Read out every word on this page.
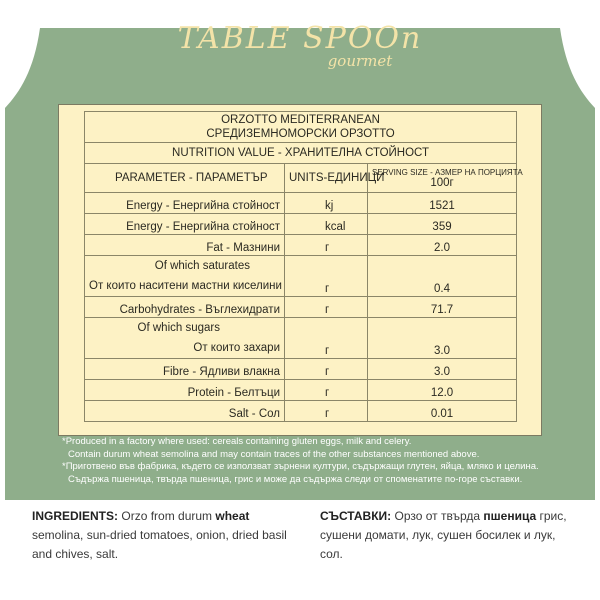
TABLE SPOOn
gourmet
ORZOTTO MEDITERRANEAN
СРЕДИЗЕМНОМОРСКИ ОРЗОТТО		

NUTRITION VALUE - ХРАНИТЕЛНА СТОЙНОСТ		
PARAMETER - ПАРАМЕТЪР	UNITS-ЕДИНИЦИ	SERVING SIZE - АЗМЕР НА ПОРЦИЯТА
100г

Energy - Енергийна стойност	kj	1521
Energy - Енергийна стойност	kcal	359
Fat - Мазнини	г	2.0

Of which saturates
От които наситени мастни киселини	г	0.4
Carbohydrates - Въглехидрати	г	71.7

Of which sugars
От които захари	г	3.0
Fibre - Ядливи влакна	г	3.0
Protein - Белтъци	г	12.0
Salt - Сол	г	0.01
*Produced in a factory where used: cereals containing gluten eggs, milk and celery.
Contain durum wheat semolina and may contain traces of the other substances mentioned above.
*Приготвено във фабрика, където се използват зърнени култури, съдържащи глутен, яйца, мляко и целина.
Съдържа пшеница, твърда пшеница, грис и може да съдържа следи от споменатите по-горе съставки.
INGREDIENTS: Orzo from durum wheat semolina, sun-dried tomatoes, onion, dried basil and chives, salt.
СЪСТАВКИ: Орзо от твърда пшеница грис, сушени домати, лук, сушен босилек и лук, сол.
